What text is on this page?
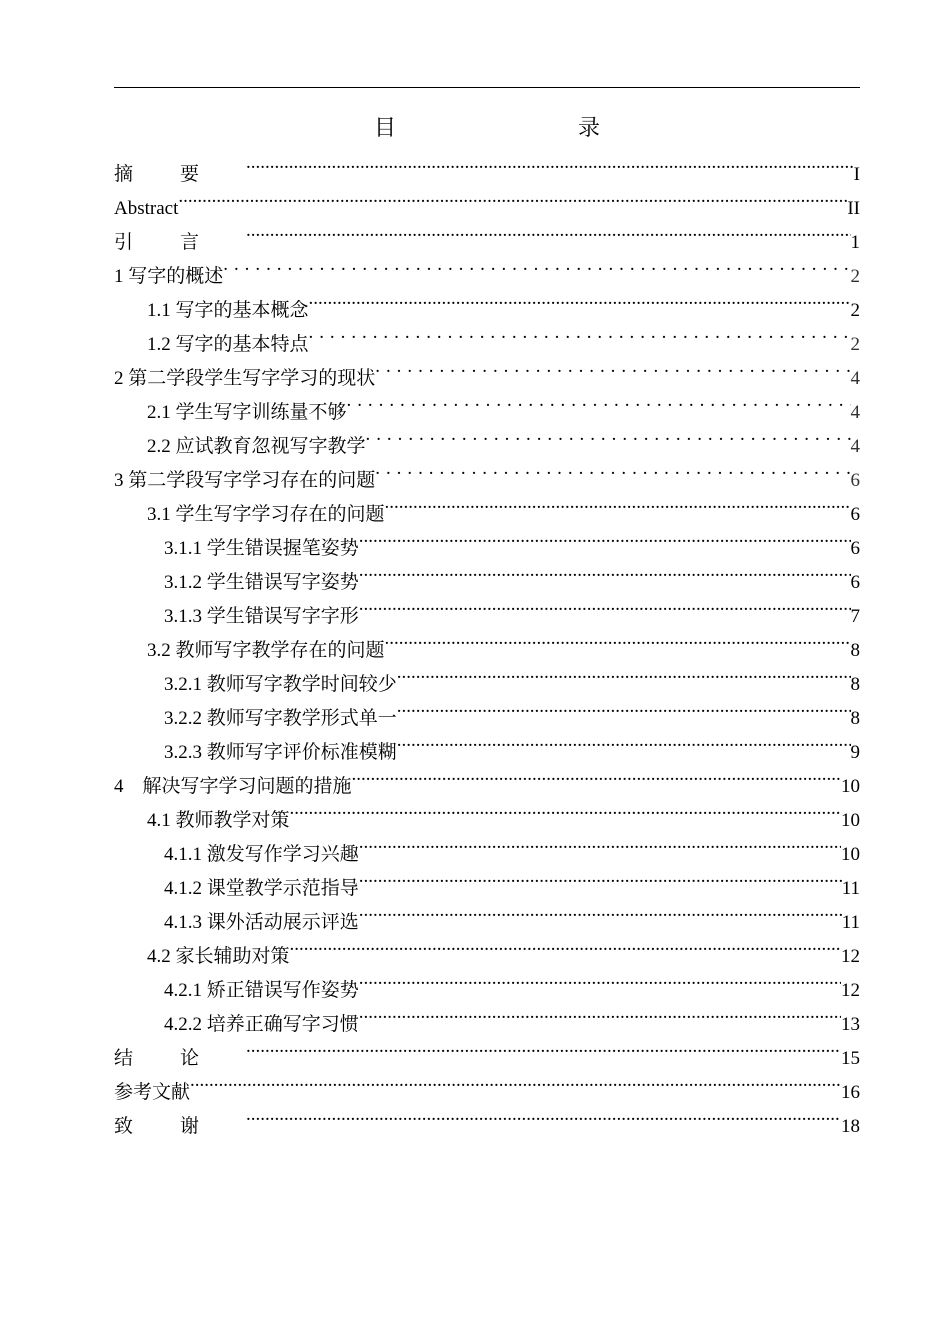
目　　录
摘要 .....	I
Abstract .....	II
引言 .....	1
1 写字的概述 . . .	2
1.1 写字的基本概念 .....	2
1.2 写字的基本特点 . . .	2
2 第二学段学生写字学习的现状 . . .	4
2.1 学生写字训练量不够 . . .	4
2.2 应试教育忽视写字教学 . . .	4
3 第二学段写字学习存在的问题 . . .	6
3.1 学生写字学习存在的问题 .....	6
3.1.1 学生错误握笔姿势 .....	6
3.1.2 学生错误写字姿势 .....	6
3.1.3 学生错误写字字形 .....	7
3.2 教师写字教学存在的问题 .....	8
3.2.1 教师写字教学时间较少 .....	8
3.2.2 教师写字教学形式单一 .....	8
3.2.3 教师写字评价标准模糊 .....	9
4    解决写字学习问题的措施 .....	10
4.1 教师教学对策 .....	10
4.1.1 激发写作学习兴趣 .....	10
4.1.2 课堂教学示范指导 .....	11
4.1.3 课外活动展示评选 .....	11
4.2 家长辅助对策 .....	12
4.2.1 矫正错误写作姿势 .....	12
4.2.2 培养正确写字习惯 .....	13
结论 .....	15
参考文献 .....	16
致谢 .....	18
